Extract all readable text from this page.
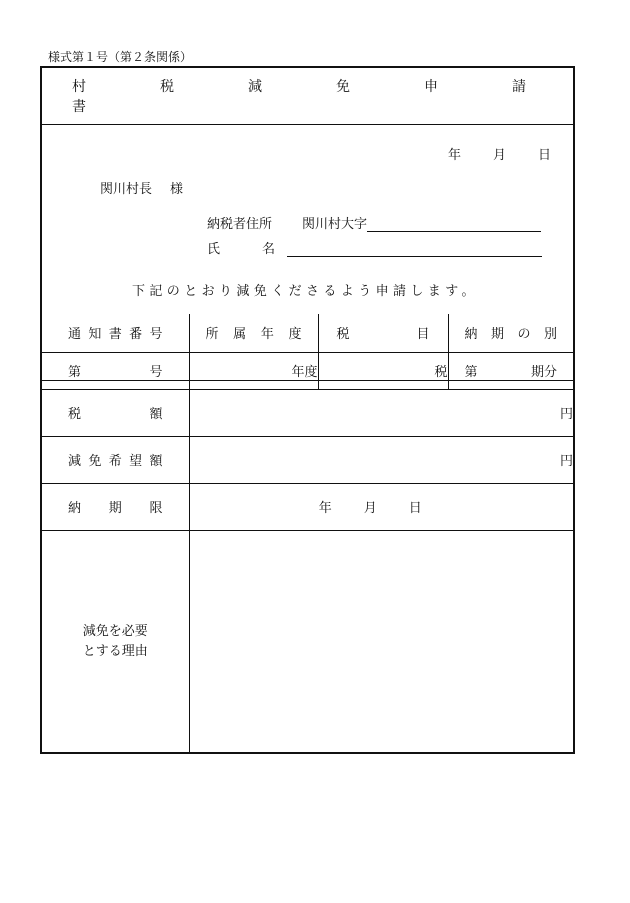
様式第１号（第２条関係）
村　税　減　免　申　請　書
年 月 日
関川村長 様
納税者住所	関川村大字
氏	名
下記のとおり減免くださるよう申請します。
通 知 書 番 号	所 属 年 度	税 目	納 期 の 別

第 号	年度	税	第 期分

税 額	円		

減 免 希 望 額	円		

納 期 限	年 月 日		

減免を必要
とする理由			
